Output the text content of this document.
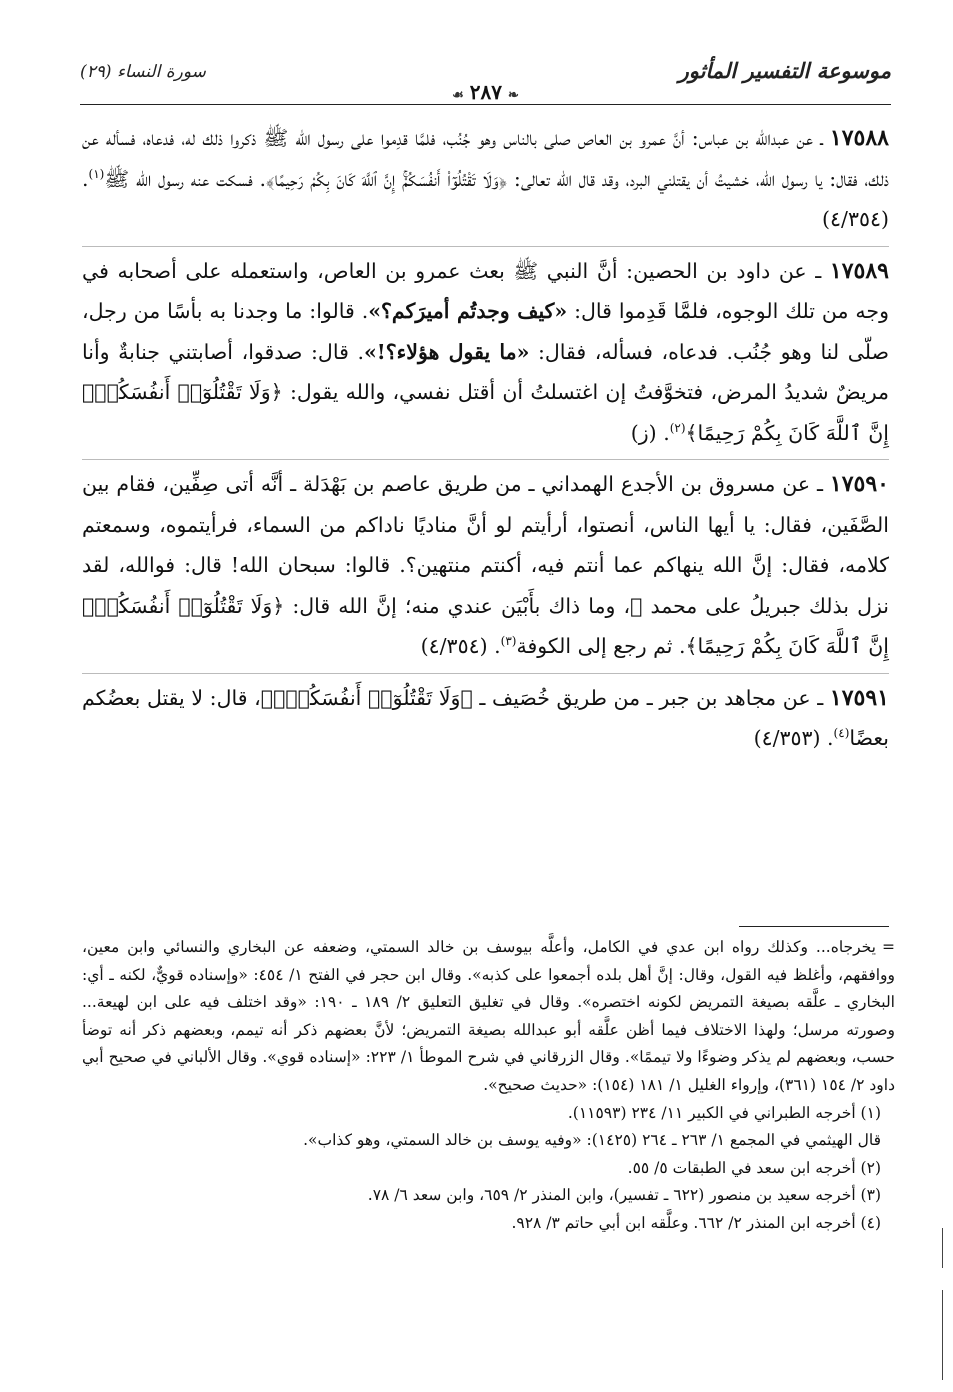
موسوعة التفسير المأثور
❧٢٨٧☙
سورة النساء (٢٩)

١٧٥٨٨ ـ عن عبدالله بن عباس: أنَّ عمرو بن العاص صلى بالناس وهو جُنُب، فلمَّا قدِموا على رسول الله ﷺ ذكروا ذلك له، فدعاه، فسأله عن ذلك، فقال: يا رسول الله، خشيتُ أن يقتلني البرد، وقد قال الله تعالى: ﴿وَلَا تَقْتُلُوٓا۟ أَنفُسَكُمْۚ إِنَّ ٱللَّهَ كَانَ بِكُمْ رَحِيمًا﴾. فسكت عنه رسول الله ﷺ$^{(١)}$. (٤/٣٥٤)

١٧٥٨٩ ـ عن داود بن الحصين: أنَّ النبي ﷺ بعث عمرو بن العاص، واستعمله على أصحابه في وجه من تلك الوجوه، فلمَّا قَدِموا قال: «كيف وجدتُم أميرَكم؟». قالوا: ما وجدنا به بأسًا من رجل، صلّى لنا وهو جُنُب. فدعاه، فسأله، فقال: «ما يقول هؤلاء؟!». قال: صدقوا، أصابتني جنابةٌ وأنا مريضٌ شديدُ المرض، فتخوَّفتُ إن اغتسلتُ أن أقتل نفسي، والله يقول: ﴿وَلَا تَقْتُلُوٓا۟ أَنفُسَكُمْۚ إِنَّ ٱللَّهَ كَانَ بِكُمْ رَحِيمًا﴾$^{(٢)}$. (ز)

١٧٥٩٠ ـ عن مسروق بن الأجدع الهمداني ـ من طريق عاصم بن بَهْدَلة ـ أنَّه أتى صِفِّين، فقام بين الصَّفَين، فقال: يا أيها الناس، أنصتوا، أرأيتم لو أنَّ مناديًا ناداكم من السماء، فرأيتموه، وسمعتم كلامه، فقال: إنَّ الله ينهاكم عما أنتم فيه، أكنتم منتهين؟. قالوا: سبحان الله! قال: فوالله، لقد نزل بذلك جبريلُ على محمد ﷺ، وما ذاك بأَبْيَن عندي منه؛ إنَّ الله قال: ﴿وَلَا تَقْتُلُوٓا۟ أَنفُسَكُمْۚ إِنَّ ٱللَّهَ كَانَ بِكُمْ رَحِيمًا﴾. ثم رجع إلى الكوفة$^{(٣)}$. (٤/٣٥٤)

١٧٥٩١ ـ عن مجاهد بن جبر ـ من طريق خُصَيف ـ ﴿وَلَا تَقْتُلُوٓا۟ أَنفُسَكُمْۚ﴾، قال: لا يقتل بعضُكم بعضًا$^{(٤)}$. (٤/٣٥٣)

=يخرجاه... وكذلك رواه ابن عدي في الكامل، وأعلَّه بيوسف بن خالد السمتي، وضعفه عن البخاري والنسائي وابن معين، ووافقهم، وأغلظ فيه القول، وقال: إنَّ أهل بلده أجمعوا على كذبه». وقال ابن حجر في الفتح ١/ ٤٥٤: «وإسناده قويٌّ، لكنه ـ أي: البخاري ـ علَّقه بصيغة التمريض لكونه اختصره». وقال في تغليق التعليق ٢/ ١٨٩ ـ ١٩٠: «وقد اختلف فيه على ابن لهيعة... وصورته مرسل؛ ولهذا الاختلاف فيما أظن علَّقه أبو عبدالله بصيغة التمريض؛ لأنَّ بعضهم ذكر أنه تيمم، وبعضهم ذكر أنه توضأ حسب، وبعضهم لم يذكر وضوءًا ولا تيممًا». وقال الزرقاني في شرح الموطأ ١/ ٢٢٣: «إسناده قوي». وقال الألباني في صحيح أبي داود ٢/ ١٥٤ (٣٦١)، وإرواء الغليل ١/ ١٨١ (١٥٤): «حديث صحيح».

(١) أخرجه الطبراني في الكبير ١١/ ٢٣٤ (١١٥٩٣).

قال الهيثمي في المجمع ١/ ٢٦٣ ـ ٢٦٤ (١٤٢٥): «وفيه يوسف بن خالد السمتي، وهو كذاب».

(٢) أخرجه ابن سعد في الطبقات ٥/ ٥٥.

(٣) أخرجه سعيد بن منصور (٦٢٢ ـ تفسير)، وابن المنذر ٢/ ٦٥٩، وابن سعد ٦/ ٧٨.

(٤) أخرجه ابن المنذر ٢/ ٦٦٢. وعلَّقه ابن أبي حاتم ٣/ ٩٢٨.
